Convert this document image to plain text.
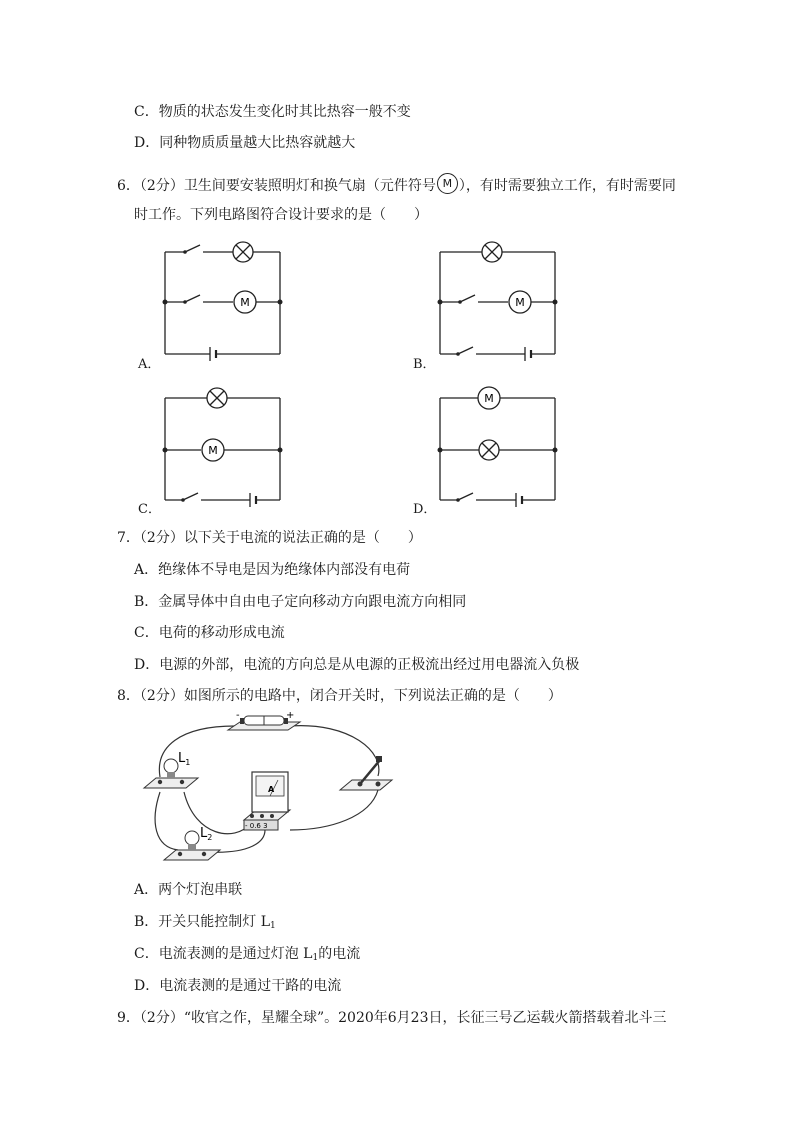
C．物质的状态发生变化时其比热容一般不变
D．同种物质质量越大比热容就越大
6．（2分）卫生间要安装照明灯和换气扇（元件符号 M ），有时需要独立工作，有时需要同
时工作。下列电路图符合设计要求的是（　　）
M
A．
M
B．
M
C．
M
D．
7．（2分）以下关于电流的说法正确的是（　　）
A．绝缘体不导电是因为绝缘体内部没有电荷
B．金属导体中自由电子定向移动方向跟电流方向相同
C．电荷的移动形成电流
D．电源的外部，电流的方向总是从电源的正极流出经过用电器流入负极
8．（2分）如图所示的电路中，闭合开关时，下列说法正确的是（　　）
-	+
$L_1$
$L_2$
A
- 0.6 3
A．两个灯泡串联
B．开关只能控制灯 $L_1$
C．电流表测的是通过灯泡 $L_1$的电流
D．电流表测的是通过干路的电流
9．（2分）“收官之作，星耀全球”。2020年6月23日，长征三号乙运载火箭搭载着北斗三
